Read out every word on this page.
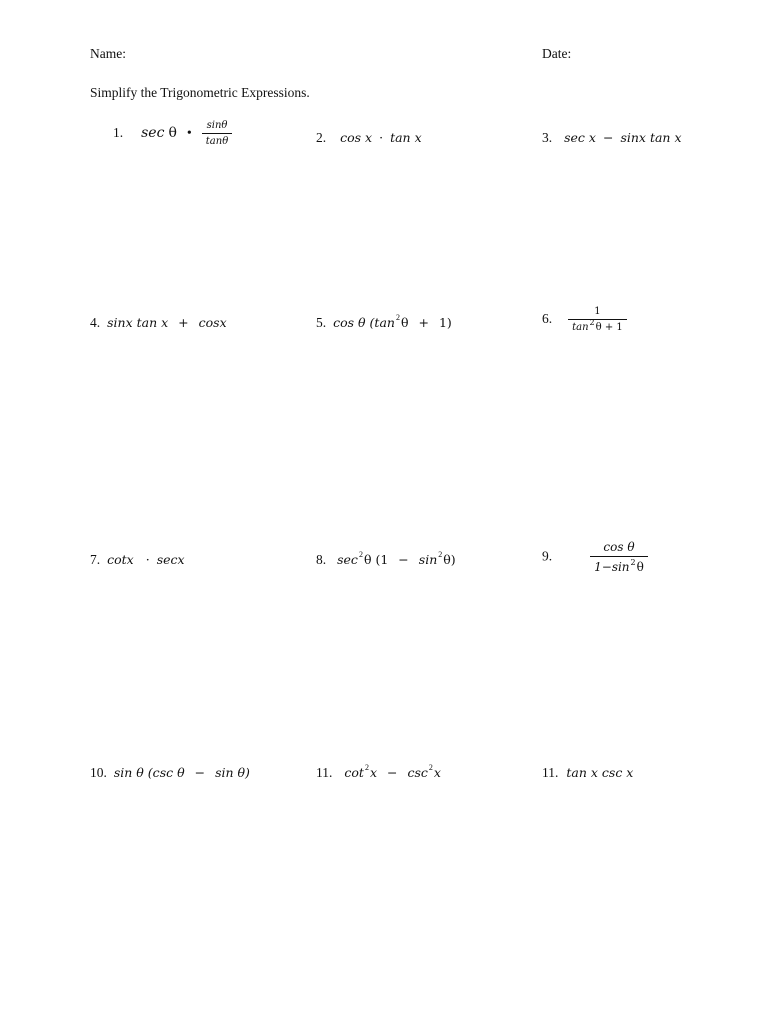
Name:	Date:
Simplify the Trigonometric Expressions.
1. sec θ • $\frac{\sin\theta}{\tan\theta}$	2. cos x · tan x	3. sec x − sinx tan x
4. sinx tan x + cosx	5. cos θ $(\tan^2\theta + 1)$	6. $\frac{1}{\tan^2\theta + 1}$
7. cotx · secx	8. $\sec^2\theta$ $(1 - \sin^2\theta)$	9.	$\frac{\text{cos θ}}{1-\sin^2\theta}$
10. sin θ (csc θ − sin θ)	11. $\cot^2x - \csc^2x$	11. tan x csc x
